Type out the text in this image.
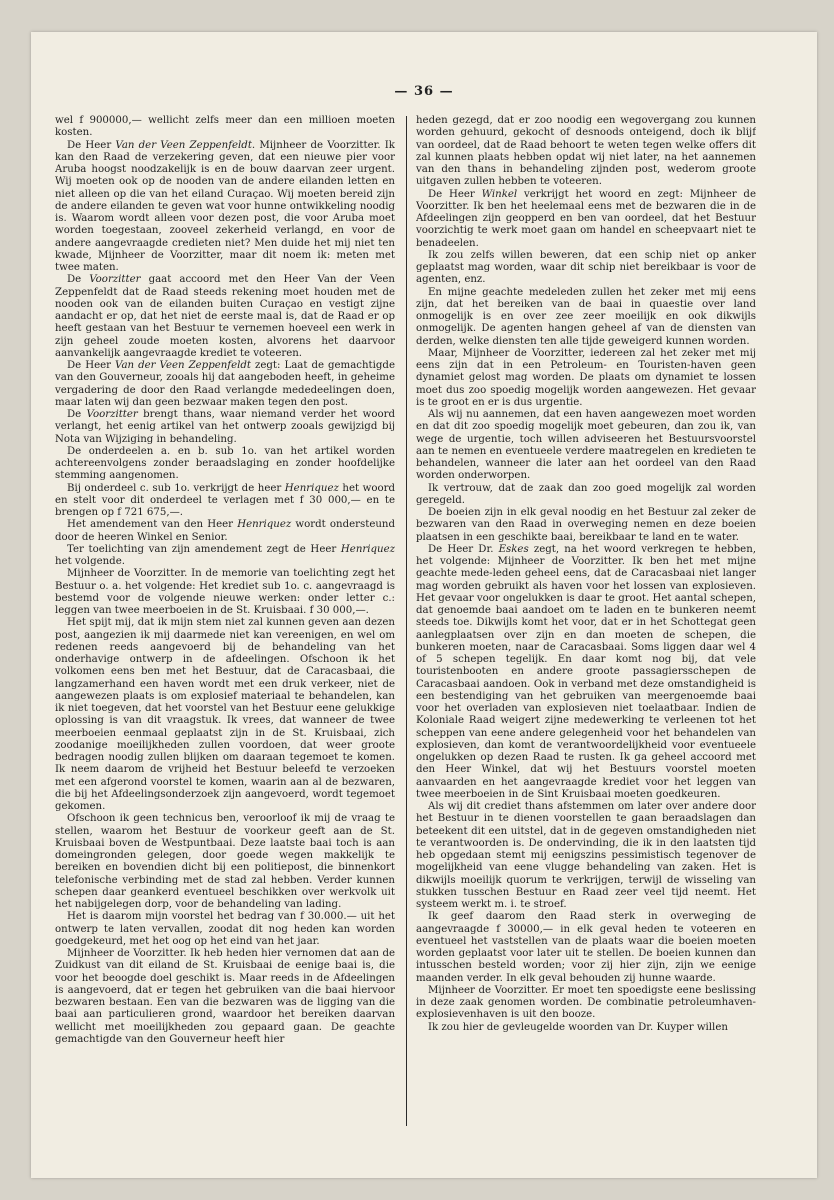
— 36 —

wel f 900000,— wellicht zelfs meer dan een millioen moeten kosten.

De Heer Van der Veen Zeppenfeldt. Mijnheer de Voorzitter. Ik kan den Raad de verzekering geven, dat een nieuwe pier voor Aruba hoogst noodzakelijk is en de bouw daarvan zeer urgent. Wij moeten ook op de nooden van de andere eilanden letten en niet alleen op die van het eiland Curaçao. Wij moeten bereid zijn de andere eilanden te geven wat voor hunne ontwikkeling noodig is. Waarom wordt alleen voor dezen post, die voor Aruba moet worden toegestaan, zooveel zekerheid verlangd, en voor de andere aangevraagde credieten niet? Men duide het mij niet ten kwade, Mijnheer de Voorzitter, maar dit noem ik: meten met twee maten.

De Voorzitter gaat accoord met den Heer Van der Veen Zeppenfeldt dat de Raad steeds rekening moet houden met de nooden ook van de eilanden buiten Curaçao en vestigt zijne aandacht er op, dat het niet de eerste maal is, dat de Raad er op heeft gestaan van het Bestuur te vernemen hoeveel een werk in zijn geheel zoude moeten kosten, alvorens het daarvoor aanvankelijk aangevraagde krediet te voteeren.

De Heer Van der Veen Zeppenfeldt zegt: Laat de gemachtigde van den Gouverneur, zooals hij dat aangeboden heeft, in geheime vergadering de door den Raad verlangde mededeelingen doen, maar laten wij dan geen bezwaar maken tegen den post.

De Voorzitter brengt thans, waar niemand verder het woord verlangt, het eenig artikel van het ontwerp zooals gewijzigd bij Nota van Wijziging in behandeling.

De onderdeelen a. en b. sub 1o. van het artikel worden achtereenvolgens zonder beraadslaging en zonder hoofdelijke stemming aangenomen.

Bij onderdeel c. sub 1o. verkrijgt de heer Henriquez het woord en stelt voor dit onderdeel te verlagen met f 30 000,— en te brengen op f 721 675,—.

Het amendement van den Heer Henriquez wordt ondersteund door de heeren Winkel en Senior.

Ter toelichting van zijn amendement zegt de Heer Henriquez het volgende.

Mijnheer de Voorzitter. In de memorie van toelichting zegt het Bestuur o. a. het volgende: Het krediet sub 1o. c. aangevraagd is bestemd voor de volgende nieuwe werken: onder letter c.: leggen van twee meerboeien in de St. Kruisbaai. f 30 000,—.

Het spijt mij, dat ik mijn stem niet zal kunnen geven aan dezen post, aangezien ik mij daarmede niet kan vereenigen, en wel om redenen reeds aangevoerd bij de behandeling van het onderhavige ontwerp in de afdeelingen. Ofschoon ik het volkomen eens ben met het Bestuur, dat de Caracasbaai, die langzamerhand een haven wordt met een druk verkeer, niet de aangewezen plaats is om explosief materiaal te behandelen, kan ik niet toegeven, dat het voorstel van het Bestuur eene gelukkige oplossing is van dit vraagstuk. Ik vrees, dat wanneer de twee meerboeien eenmaal geplaatst zijn in de St. Kruisbaai, zich zoodanige moeilijkheden zullen voordoen, dat weer groote bedragen noodig zullen blijken om daaraan tegemoet te komen. Ik neem daarom de vrijheid het Bestuur beleefd te verzoeken met een afgerond voorstel te komen, waarin aan al de bezwaren, die bij het Afdeelingsonderzoek zijn aangevoerd, wordt tegemoet gekomen.

Ofschoon ik geen technicus ben, veroorloof ik mij de vraag te stellen, waarom het Bestuur de voorkeur geeft aan de St. Kruisbaai boven de Westpuntbaai. Deze laatste baai toch is aan domeingronden gelegen, door goede wegen makkelijk te bereiken en bovendien dicht bij een politiepost, die binnenkort telefonische verbinding met de stad zal hebben. Verder kunnen schepen daar geankerd eventueel beschikken over werkvolk uit het nabijgelegen dorp, voor de behandeling van lading.

Het is daarom mijn voorstel het bedrag van f 30.000.— uit het ontwerp te laten vervallen, zoodat dit nog heden kan worden goedgekeurd, met het oog op het eind van het jaar.

Mijnheer de Voorzitter. Ik heb heden hier vernomen dat aan de Zuidkust van dit eiland de St. Kruisbaai de eenige baai is, die voor het beoogde doel geschikt is. Maar reeds in de Afdeelingen is aangevoerd, dat er tegen het gebruiken van die baai hiervoor bezwaren bestaan. Een van die bezwaren was de ligging van die baai aan particulieren grond, waardoor het bereiken daarvan wellicht met moeilijkheden zou gepaard gaan. De geachte gemachtigde van den Gouverneur heeft hier

heden gezegd, dat er zoo noodig een wegovergang zou kunnen worden gehuurd, gekocht of desnoods onteigend, doch ik blijf van oordeel, dat de Raad behoort te weten tegen welke offers dit zal kunnen plaats hebben opdat wij niet later, na het aannemen van den thans in behandeling zijnden post, wederom groote uitgaven zullen hebben te voteeren.

De Heer Winkel verkrijgt het woord en zegt: Mijnheer de Voorzitter. Ik ben het heelemaal eens met de bezwaren die in de Afdeelingen zijn geopperd en ben van oordeel, dat het Bestuur voorzichtig te werk moet gaan om handel en scheepvaart niet te benadeelen.

Ik zou zelfs willen beweren, dat een schip niet op anker geplaatst mag worden, waar dit schip niet bereikbaar is voor de agenten, enz.

En mijne geachte medeleden zullen het zeker met mij eens zijn, dat het bereiken van de baai in quaestie over land onmogelijk is en over zee zeer moeilijk en ook dikwijls onmogelijk. De agenten hangen geheel af van de diensten van derden, welke diensten ten alle tijde geweigerd kunnen worden.

Maar, Mijnheer de Voorzitter, iedereen zal het zeker met mij eens zijn dat in een Petroleum- en Touristen-haven geen dynamiet gelost mag worden. De plaats om dynamiet te lossen moet dus zoo spoedig mogelijk worden aangewezen. Het gevaar is te groot en er is dus urgentie.

Als wij nu aannemen, dat een haven aangewezen moet worden en dat dit zoo spoedig mogelijk moet gebeuren, dan zou ik, van wege de urgentie, toch willen adviseeren het Bestuursvoorstel aan te nemen en eventueele verdere maatregelen en kredieten te behandelen, wanneer die later aan het oordeel van den Raad worden onderworpen.

Ik vertrouw, dat de zaak dan zoo goed mogelijk zal worden geregeld.

De boeien zijn in elk geval noodig en het Bestuur zal zeker de bezwaren van den Raad in overweging nemen en deze boeien plaatsen in een geschikte baai, bereikbaar te land en te water.

De Heer Dr. Eskes zegt, na het woord verkregen te hebben, het volgende: Mijnheer de Voorzitter. Ik ben het met mijne geachte mede-leden geheel eens, dat de Caracasbaai niet langer mag worden gebruikt als haven voor het lossen van explosieven. Het gevaar voor ongelukken is daar te groot. Het aantal schepen, dat genoemde baai aandoet om te laden en te bunkeren neemt steeds toe. Dikwijls komt het voor, dat er in het Schottegat geen aanlegplaatsen over zijn en dan moeten de schepen, die bunkeren moeten, naar de Caracasbaai. Soms liggen daar wel 4 of 5 schepen tegelijk. En daar komt nog bij, dat vele touristenbooten en andere groote passagiersschepen de Caracasbaai aandoen. Ook in verband met deze omstandigheid is een bestendiging van het gebruiken van meergenoemde baai voor het overladen van explosieven niet toelaatbaar. Indien de Koloniale Raad weigert zijne medewerking te verleenen tot het scheppen van eene andere gelegenheid voor het behandelen van explosieven, dan komt de verantwoordelijkheid voor eventueele ongelukken op dezen Raad te rusten. Ik ga geheel accoord met den Heer Winkel, dat wij het Bestuurs voorstel moeten aanvaarden en het aangevraagde krediet voor het leggen van twee meerboeien in de Sint Kruisbaai moeten goedkeuren.

Als wij dit crediet thans afstemmen om later over andere door het Bestuur in te dienen voorstellen te gaan beraadslagen dan beteekent dit een uitstel, dat in de gegeven omstandigheden niet te verantwoorden is. De ondervinding, die ik in den laatsten tijd heb opgedaan stemt mij eenigszins pessimistisch tegenover de mogelijkheid van eene vlugge behandeling van zaken. Het is dikwijls moeilijk quorum te verkrijgen, terwijl de wisseling van stukken tusschen Bestuur en Raad zeer veel tijd neemt. Het systeem werkt m. i. te stroef.

Ik geef daarom den Raad sterk in overweging de aangevraagde f 30000,— in elk geval heden te voteeren en eventueel het vaststellen van de plaats waar die boeien moeten worden geplaatst voor later uit te stellen. De boeien kunnen dan intusschen besteld worden; voor zij hier zijn, zijn we eenige maanden verder. In elk geval behouden zij hunne waarde.

Mijnheer de Voorzitter. Er moet ten spoedigste eene beslissing in deze zaak genomen worden. De combinatie petroleumhaven-explosievenhaven is uit den booze.

Ik zou hier de gevleugelde woorden van Dr. Kuyper willen
